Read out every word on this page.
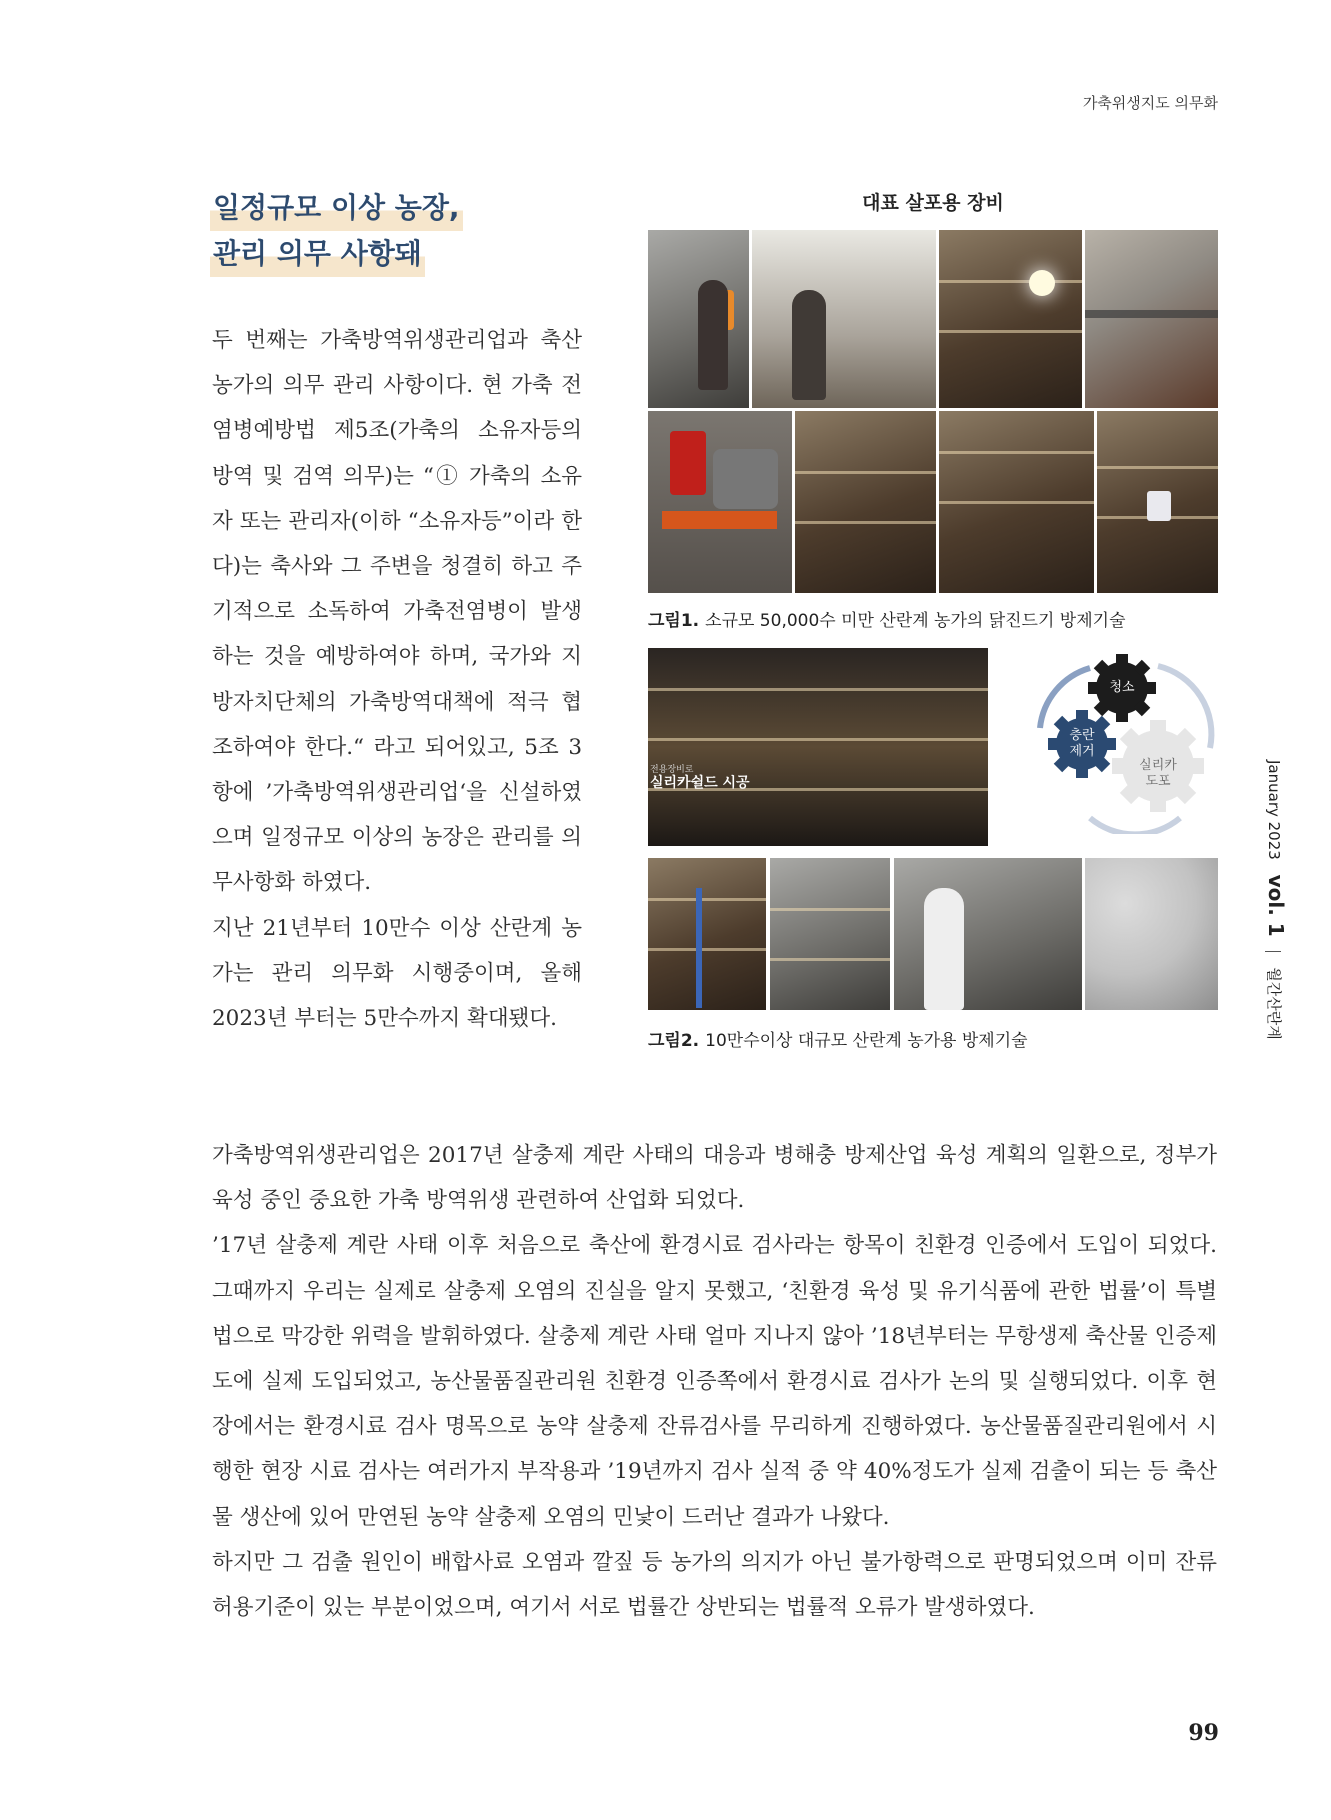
가축위생지도 의무화
일정규모 이상 농장,
관리 의무 사항돼

두 번째는 가축방역위생관리업과 축산농가의 의무 관리 사항이다. 현 가축 전염병예방법 제5조(가축의 소유자등의 방역 및 검역 의무)는 “① 가축의 소유자 또는 관리자(이하 “소유자등”이라 한다)는 축사와 그 주변을 청결히 하고 주기적으로 소독하여 가축전염병이 발생하는 것을 예방하여야 하며, 국가와 지방자치단체의 가축방역대책에 적극 협조하여야 한다.“ 라고 되어있고, 5조 3항에 ’가축방역위생관리업‘을 신설하였으며 일정규모 이상의 농장은 관리를 의무사항화 하였다.

지난 21년부터 10만수 이상 산란계 농가는 관리 의무화 시행중이며, 올해 2023년 부터는 5만수까지 확대됐다.

가축방역위생관리업은 2017년 살충제 계란 사태의 대응과 병해충 방제산업 육성 계획의 일환으로, 정부가 육성 중인 중요한 가축 방역위생 관련하여 산업화 되었다.

’17년 살충제 계란 사태 이후 처음으로 축산에 환경시료 검사라는 항목이 친환경 인증에서 도입이 되었다. 그때까지 우리는 실제로 살충제 오염의 진실을 알지 못했고, ‘친환경 육성 및 유기식품에 관한 법률’이 특별법으로 막강한 위력을 발휘하였다. 살충제 계란 사태 얼마 지나지 않아 ’18년부터는 무항생제 축산물 인증제도에 실제 도입되었고, 농산물품질관리원 친환경 인증쪽에서 환경시료 검사가 논의 및 실행되었다. 이후 현장에서는 환경시료 검사 명목으로 농약 살충제 잔류검사를 무리하게 진행하였다. 농산물품질관리원에서 시행한 현장 시료 검사는 여러가지 부작용과 ’19년까지 검사 실적 중 약 40%정도가 실제 검출이 되는 등 축산물 생산에 있어 만연된 농약 살충제 오염의 민낯이 드러난 결과가 나왔다.

하지만 그 검출 원인이 배합사료 오염과 깔짚 등 농가의 의지가 아닌 불가항력으로 판명되었으며 이미 잔류 허용기준이 있는 부분이었으며, 여기서 서로 법률간 상반되는 법률적 오류가 발생하였다.

대표 살포용 장비
그림1. 소규모 50,000수 미만 산란계 농가의 닭진드기 방제기술
전용장비로
실리카쉴드 시공
청소
충란
제거
실리카
도포
그림2. 10만수이상 대규모 산란계 농가용 방제기술
January 2023 vol. 1  월간산란계
99
